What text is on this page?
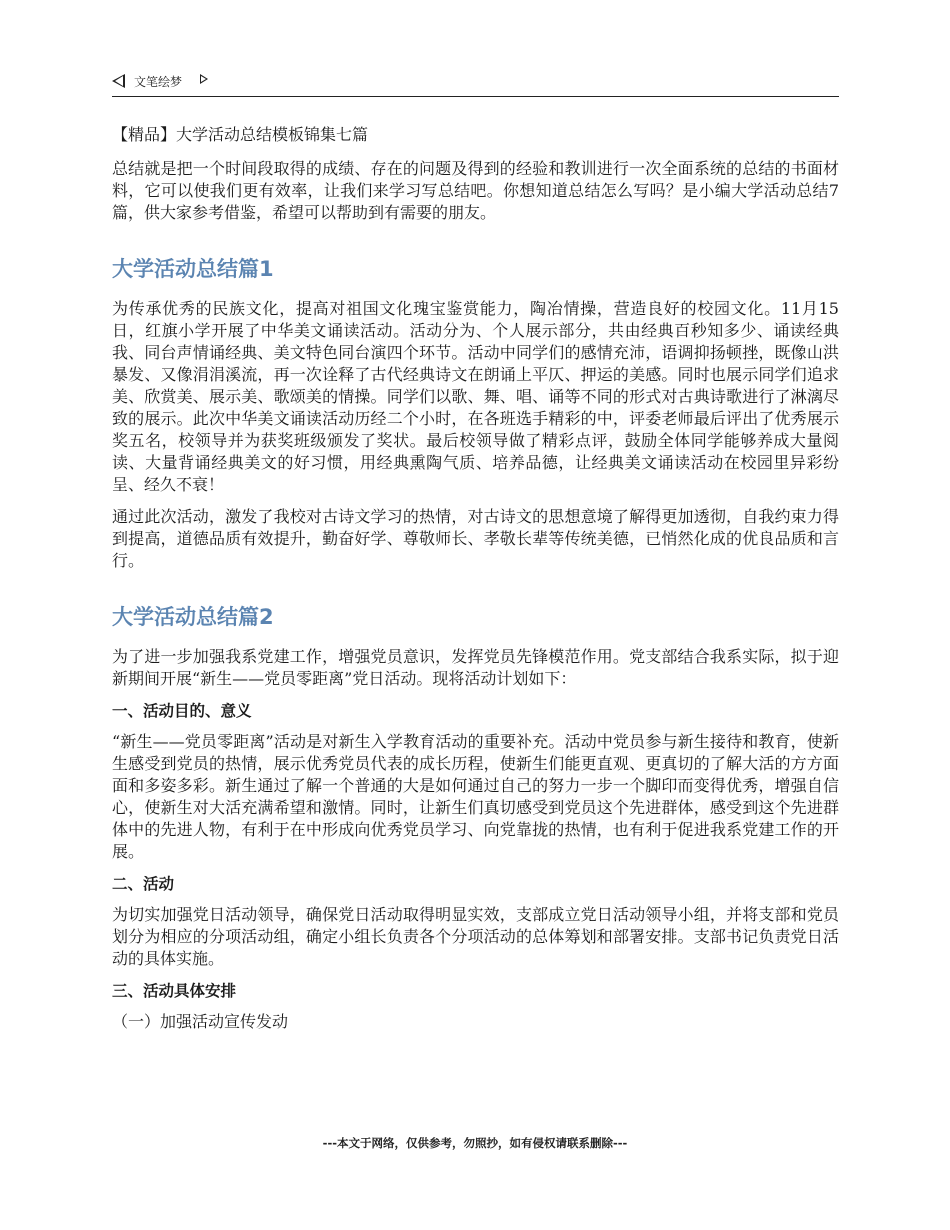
文笔绘梦

【精品】大学活动总结模板锦集七篇

总结就是把一个时间段取得的成绩、存在的问题及得到的经验和教训进行一次全面系统的总结的书面材料，它可以使我们更有效率，让我们来学习写总结吧。你想知道总结怎么写吗？是小编大学活动总结7篇，供大家参考借鉴，希望可以帮助到有需要的朋友。

大学活动总结篇1

为传承优秀的民族文化，提高对祖国文化瑰宝鉴赏能力，陶冶情操，营造良好的校园文化。11月15日，红旗小学开展了中华美文诵读活动。活动分为、个人展示部分，共由经典百秒知多少、诵读经典我、同台声情诵经典、美文特色同台演四个环节。活动中同学们的感情充沛，语调抑扬顿挫，既像山洪暴发、又像涓涓溪流，再一次诠释了古代经典诗文在朗诵上平仄、押运的美感。同时也展示同学们追求美、欣赏美、展示美、歌颂美的情操。同学们以歌、舞、唱、诵等不同的形式对古典诗歌进行了淋漓尽致的展示。此次中华美文诵读活动历经二个小时，在各班选手精彩的中，评委老师最后评出了优秀展示奖五名，校领导并为获奖班级颁发了奖状。最后校领导做了精彩点评，鼓励全体同学能够养成大量阅读、大量背诵经典美文的好习惯，用经典熏陶气质、培养品德，让经典美文诵读活动在校园里异彩纷呈、经久不衰！

通过此次活动，激发了我校对古诗文学习的热情，对古诗文的思想意境了解得更加透彻，自我约束力得到提高，道德品质有效提升，勤奋好学、尊敬师长、孝敬长辈等传统美德，已悄然化成的优良品质和言行。

大学活动总结篇2

为了进一步加强我系党建工作，增强党员意识，发挥党员先锋模范作用。党支部结合我系实际，拟于迎新期间开展“新生——党员零距离”党日活动。现将活动计划如下：

一、活动目的、意义

“新生——党员零距离”活动是对新生入学教育活动的重要补充。活动中党员参与新生接待和教育，使新生感受到党员的热情，展示优秀党员代表的成长历程，使新生们能更直观、更真切的了解大活的方方面面和多姿多彩。新生通过了解一个普通的大是如何通过自己的努力一步一个脚印而变得优秀，增强自信心，使新生对大活充满希望和激情。同时，让新生们真切感受到党员这个先进群体，感受到这个先进群体中的先进人物，有利于在中形成向优秀党员学习、向党靠拢的热情，也有利于促进我系党建工作的开展。

二、活动

为切实加强党日活动领导，确保党日活动取得明显实效，支部成立党日活动领导小组，并将支部和党员划分为相应的分项活动组，确定小组长负责各个分项活动的总体筹划和部署安排。支部书记负责党日活动的具体实施。

三、活动具体安排

（一）加强活动宣传发动

---本文于网络，仅供参考，勿照抄，如有侵权请联系删除---
